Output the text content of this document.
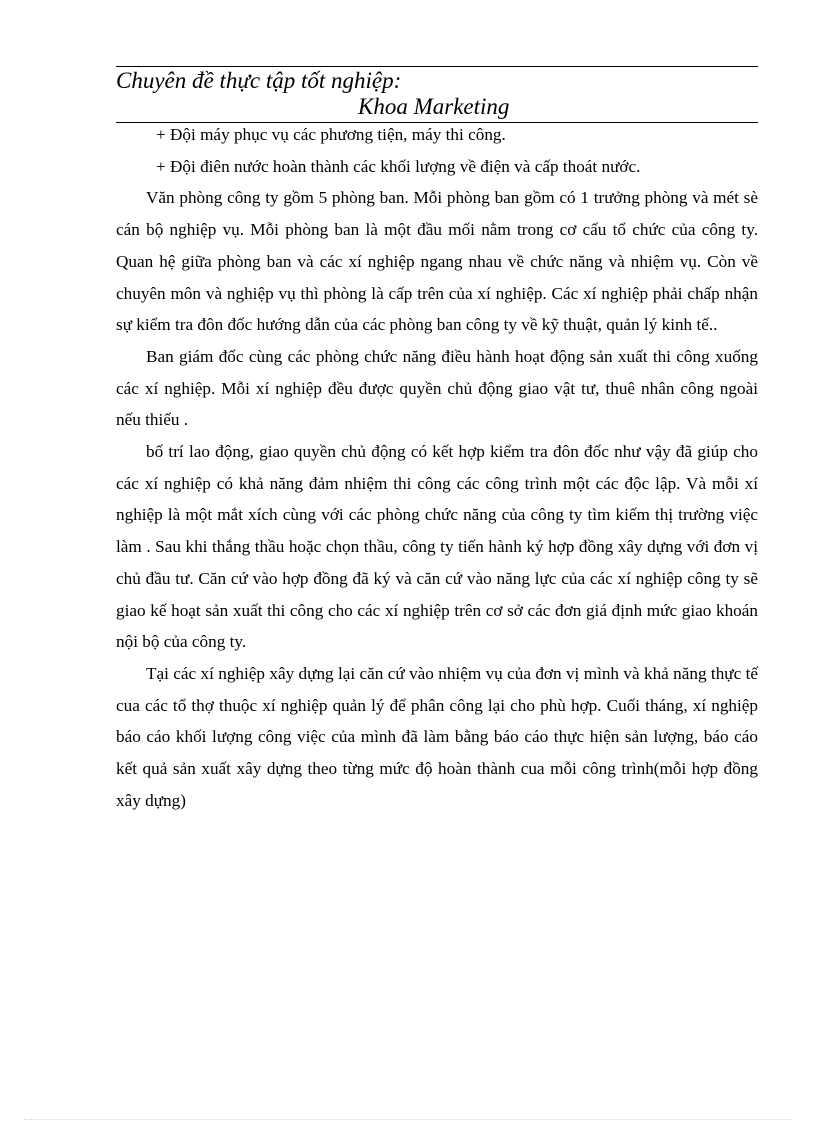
Chuyên đề thực tập tốt nghiệp:
Khoa Marketing

+ Đội máy phục vụ các phương tiện, máy thi công.

+ Đội điên nước hoàn thành các khối lượng về điện và cấp thoát nước.

Văn phòng công ty gồm 5 phòng ban. Mỗi phòng ban gồm có 1 trưởng phòng và mét sè cán bộ nghiệp vụ. Mỗi phòng ban là một đầu mối nằm trong cơ cấu tổ chức của công ty. Quan hệ giữa phòng ban và các xí nghiệp ngang nhau về chức năng và nhiệm vụ. Còn về chuyên môn và nghiệp vụ thì phòng là cấp trên của xí nghiệp. Các xí nghiệp phải chấp nhận sự kiểm tra đôn đốc hướng dẫn của các phòng ban công ty về kỹ thuật, quản lý kinh tế..

Ban giám đốc cùng các phòng chức năng điều hành hoạt động sản xuất thi công xuống các xí nghiệp. Mỗi xí nghiệp đều được quyền chủ động giao vật tư, thuê nhân công ngoài nếu thiếu .

bố trí lao động, giao quyền chủ động có kết hợp kiểm tra đôn đốc như vậy đã giúp cho các xí nghiệp có khả năng đảm nhiệm thi công các công trình một các độc lập. Và mỗi xí nghiệp là một mắt xích cùng với các phòng chức năng của công ty tìm kiếm thị trường việc làm . Sau khi thắng thầu hoặc chọn thầu, công ty tiến hành ký hợp đồng xây dựng với đơn vị chủ đầu tư. Căn cứ vào hợp đồng đã ký và căn cứ vào năng lực của các xí nghiệp công ty sẽ giao kế hoạt sản xuất thi công cho các xí nghiệp trên cơ sở các đơn giá định mức giao khoán nội bộ của công ty.

Tại các xí nghiệp xây dựng lại căn cứ vào nhiệm vụ của đơn vị mình và khả năng thực tế cua các tổ thợ thuộc xí nghiệp quản lý để phân công lại cho phù hợp. Cuối tháng, xí nghiệp báo cáo khối lượng công việc của mình đã làm bằng báo cáo thực hiện sản lượng, báo cáo kết quả sản xuất xây dựng theo từng mức độ hoàn thành cua mỗi công trình(mỗi hợp đồng xây dựng)
